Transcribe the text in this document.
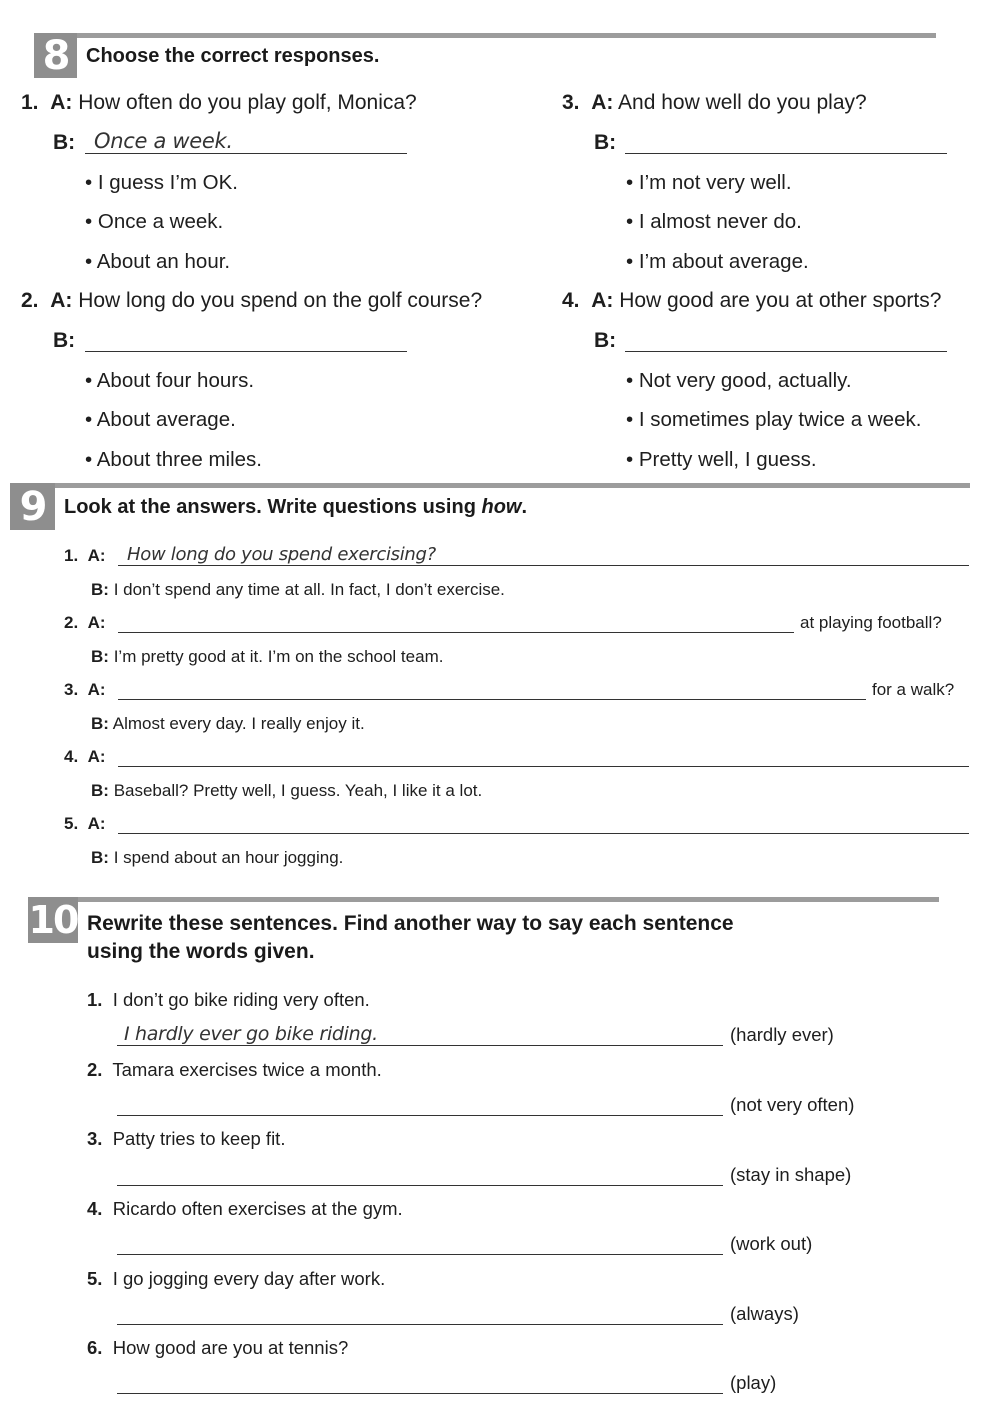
8 Choose the correct responses.
1. A: How often do you play golf, Monica?
B: Once a week.
• I guess I’m OK.
• Once a week.
• About an hour.
2. A: How long do you spend on the golf course?
B:
• About four hours.
• About average.
• About three miles.
3. A: And how well do you play?
B:
• I’m not very well.
• I almost never do.
• I’m about average.
4. A: How good are you at other sports?
B:
• Not very good, actually.
• I sometimes play twice a week.
• Pretty well, I guess.
9 Look at the answers. Write questions using how.
1. A: How long do you spend exercising?
B: I don’t spend any time at all. In fact, I don’t exercise.
2. A:	at playing football?
B: I’m pretty good at it. I’m on the school team.
3. A:	for a walk?
B: Almost every day. I really enjoy it.
4. A:
B: Baseball? Pretty well, I guess. Yeah, I like it a lot.
5. A:
B: I spend about an hour jogging.
10 Rewrite these sentences. Find another way to say each sentence
using the words given.
1. I don’t go bike riding very often.
I hardly ever go bike riding.	(hardly ever)
2. Tamara exercises twice a month.
(not very often)
3. Patty tries to keep fit.
(stay in shape)
4. Ricardo often exercises at the gym.
(work out)
5. I go jogging every day after work.
(always)
6. How good are you at tennis?
(play)
